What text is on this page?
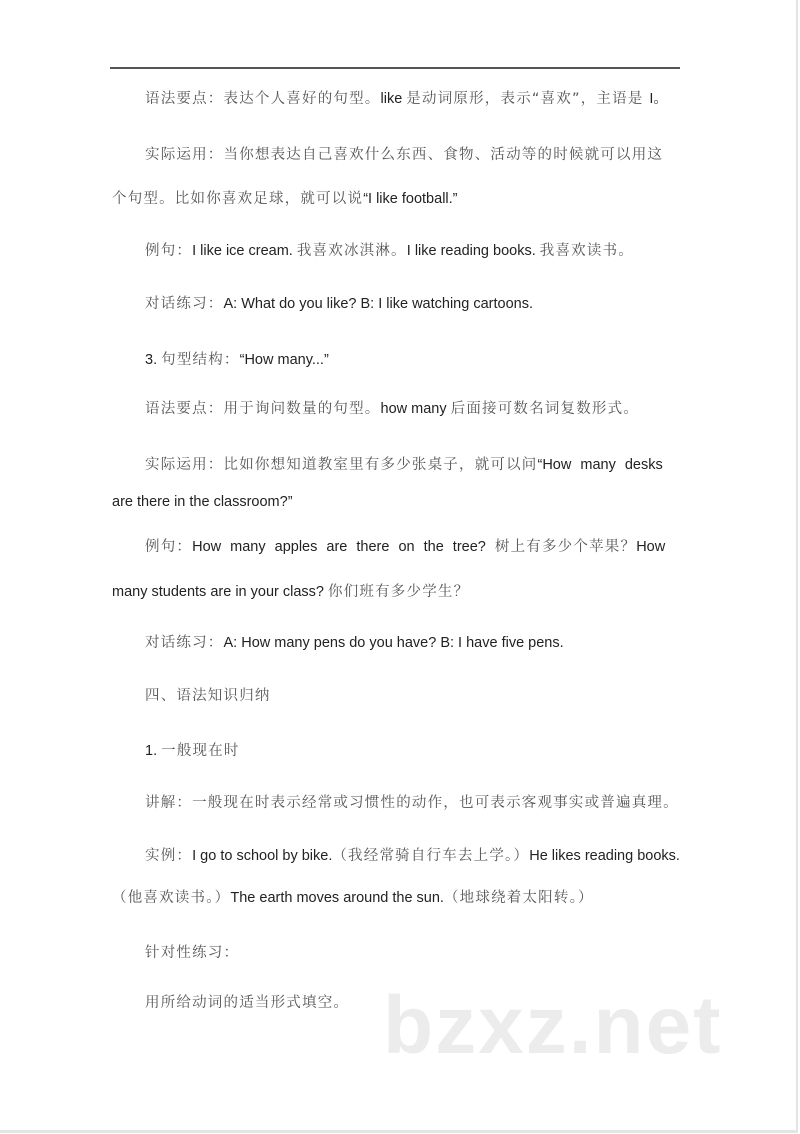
语法要点：表达个人喜好的句型。like 是动词原形，表示“喜欢”，主语是 I。
实际运用：当你想表达自己喜欢什么东西、食物、活动等的时候就可以用这
个句型。比如你喜欢足球，就可以说“I like football.”
例句：I like ice cream. 我喜欢冰淇淋。I like reading books. 我喜欢读书。
对话练习：A: What do you like? B: I like watching cartoons.
3. 句型结构：“How many...”
语法要点：用于询问数量的句型。how many 后面接可数名词复数形式。
实际运用：比如你想知道教室里有多少张桌子，就可以问“How many desks
are there in the classroom?”
例句：How many apples are there on the tree? 树上有多少个苹果？How
many students are in your class? 你们班有多少学生？
对话练习：A: How many pens do you have? B: I have five pens.
四、语法知识归纳
1. 一般现在时
讲解：一般现在时表示经常或习惯性的动作，也可表示客观事实或普遍真理。
实例：I go to school by bike.（我经常骑自行车去上学。）He likes reading books.
（他喜欢读书。）The earth moves around the sun.（地球绕着太阳转。）
针对性练习：
用所给动词的适当形式填空。 bzxz.net
